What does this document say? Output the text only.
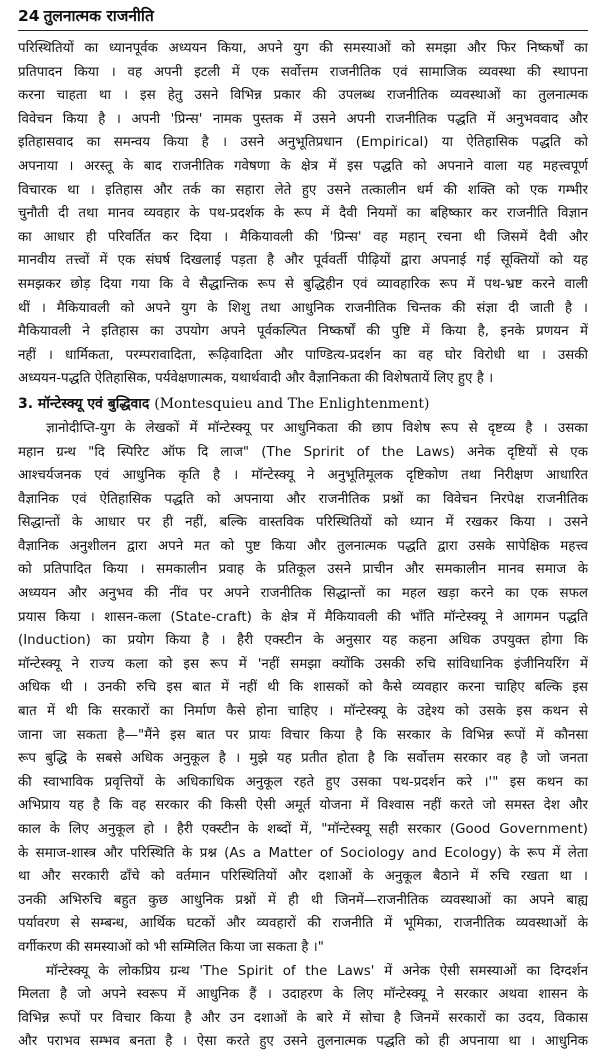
24 तुलनात्मक राजनीति
परिस्थितियों का ध्यानपूर्वक अध्ययन किया, अपने युग की समस्याओं को समझा और फिर निष्कर्षों का
प्रतिपादन किया । वह अपनी इटली में एक सर्वोत्तम राजनीतिक एवं सामाजिक व्यवस्था की स्थापना
करना चाहता था । इस हेतु उसने विभिन्न प्रकार की उपलब्ध राजनीतिक व्यवस्थाओं का तुलनात्मक
विवेचन किया है । अपनी 'प्रिन्स' नामक पुस्तक में उसने अपनी राजनीतिक पद्धति में अनुभववाद और
इतिहासवाद का समन्वय किया है । उसने अनुभूतिप्रधान (Empirical) या ऐतिहासिक पद्धति को
अपनाया । अरस्तू के बाद राजनीतिक गवेषणा के क्षेत्र में इस पद्धति को अपनाने वाला यह महत्त्वपूर्ण
विचारक था । इतिहास और तर्क का सहारा लेते हुए उसने तत्कालीन धर्म की शक्ति को एक गम्भीर
चुनौती दी तथा मानव व्यवहार के पथ-प्रदर्शक के रूप में दैवी नियमों का बहिष्कार कर राजनीति विज्ञान
का आधार ही परिवर्तित कर दिया । मैकियावली की 'प्रिन्स' वह महान् रचना थी जिसमें दैवी और
मानवीय तत्त्वों में एक संघर्ष दिखलाई पड़ता है और पूर्ववर्ती पीढ़ियों द्वारा अपनाई गई सूक्तियों को यह
समझकर छोड़ दिया गया कि वे सैद्धान्तिक रूप से बुद्धिहीन एवं व्यावहारिक रूप में पथ-भ्रष्ट करने वाली
थीं । मैकियावली को अपने युग के शिशु तथा आधुनिक राजनीतिक चिन्तक की संज्ञा दी जाती है ।
मैकियावली ने इतिहास का उपयोग अपने पूर्वकल्पित निष्कर्षों की पुष्टि में किया है, इनके प्रणयन में
नहीं । धार्मिकता, परम्परावादिता, रूढ़िवादिता और पाण्डित्य-प्रदर्शन का वह घोर विरोधी था । उसकी
अध्ययन-पद्धति ऐतिहासिक, पर्यवेक्षणात्मक, यथार्थवादी और वैज्ञानिकता की विशेषतायें लिए हुए है ।
3. मॉन्टेस्क्यू एवं बुद्धिवाद (Montesquieu and The Enlightenment)
ज्ञानोदीप्ति-युग के लेखकों में मॉन्टेस्क्यू पर आधुनिकता की छाप विशेष रूप से दृष्टव्य है । उसका
महान ग्रन्थ "दि स्पिरिट ऑफ दि लाज" (The Spririt of the Laws) अनेक दृष्टियों से एक
आश्चर्यजनक एवं आधुनिक कृति है । मॉन्टेस्क्यू ने अनुभूतिमूलक दृष्टिकोण तथा निरीक्षण आधारित
वैज्ञानिक एवं ऐतिहासिक पद्धति को अपनाया और राजनीतिक प्रश्नों का विवेचन निरपेक्ष राजनीतिक
सिद्धान्तों के आधार पर ही नहीं, बल्कि वास्तविक परिस्थितियों को ध्यान में रखकर किया । उसने
वैज्ञानिक अनुशीलन द्वारा अपने मत को पुष्ट किया और तुलनात्मक पद्धति द्वारा उसके सापेक्षिक महत्त्व
को प्रतिपादित किया । समकालीन प्रवाह के प्रतिकूल उसने प्राचीन और समकालीन मानव समाज के
अध्ययन और अनुभव की नींव पर अपने राजनीतिक सिद्धान्तों का महल खड़ा करने का एक सफल
प्रयास किया । शासन-कला (State-craft) के क्षेत्र में मैकियावली की भाँति मॉन्टेस्क्यू ने आगमन पद्धति
(Induction) का प्रयोग किया है । हैरी एक्स्टीन के अनुसार यह कहना अधिक उपयुक्त होगा कि
मॉन्टेस्क्यू ने राज्य कला को इस रूप में 'नहीं समझा क्योंकि उसकी रुचि सांविधानिक इंजीनियरिंग में
अधिक थी । उनकी रुचि इस बात में नहीं थी कि शासकों को कैसे व्यवहार करना चाहिए बल्कि इस
बात में थी कि सरकारों का निर्माण कैसे होना चाहिए । मॉन्टेस्क्यू के उद्देश्य को उसके इस कथन से
जाना जा सकता है—"मैंने इस बात पर प्रायः विचार किया है कि सरकार के विभिन्न रूपों में कौनसा
रूप बुद्धि के सबसे अधिक अनुकूल है । मुझे यह प्रतीत होता है कि सर्वोत्तम सरकार वह है जो जनता
की स्वाभाविक प्रवृत्तियों के अधिकाधिक अनुकूल रहते हुए उसका पथ-प्रदर्शन करे ।'" इस कथन का
अभिप्राय यह है कि वह सरकार की किसी ऐसी अमूर्त योजना में विश्वास नहीं करते जो समस्त देश और
काल के लिए अनुकूल हो । हैरी एक्स्टीन के शब्दों में, "मॉन्टेस्क्यू सही सरकार (Good Government)
के समाज-शास्त्र और परिस्थिति के प्रश्न (As a Matter of Sociology and Ecology) के रूप में लेता
था और सरकारी ढाँचे को वर्तमान परिस्थितियों और दशाओं के अनुकूल बैठाने में रुचि रखता था ।
उनकी अभिरुचि बहुत कुछ आधुनिक प्रश्नों में ही थी जिनमें—राजनीतिक व्यवस्थाओं का अपने बाह्य
पर्यावरण से सम्बन्ध, आर्थिक घटकों और व्यवहारों की राजनीति में भूमिका, राजनीतिक व्यवस्थाओं के
वर्गीकरण की समस्याओं को भी सम्मिलित किया जा सकता है ।"
मॉन्टेस्क्यू के लोकप्रिय ग्रन्थ 'The Spirit of the Laws' में अनेक ऐसी समस्याओं का दिग्दर्शन
मिलता है जो अपने स्वरूप में आधुनिक हैं । उदाहरण के लिए मॉन्टेस्क्यू ने सरकार अथवा शासन के
विभिन्न रूपों पर विचार किया है और उन दशाओं के बारे में सोचा है जिनमें सरकारों का उदय, विकास
और पराभव सम्भव बनता है । ऐसा करते हुए उसने तुलनात्मक पद्धति को ही अपनाया था । आधुनिक
